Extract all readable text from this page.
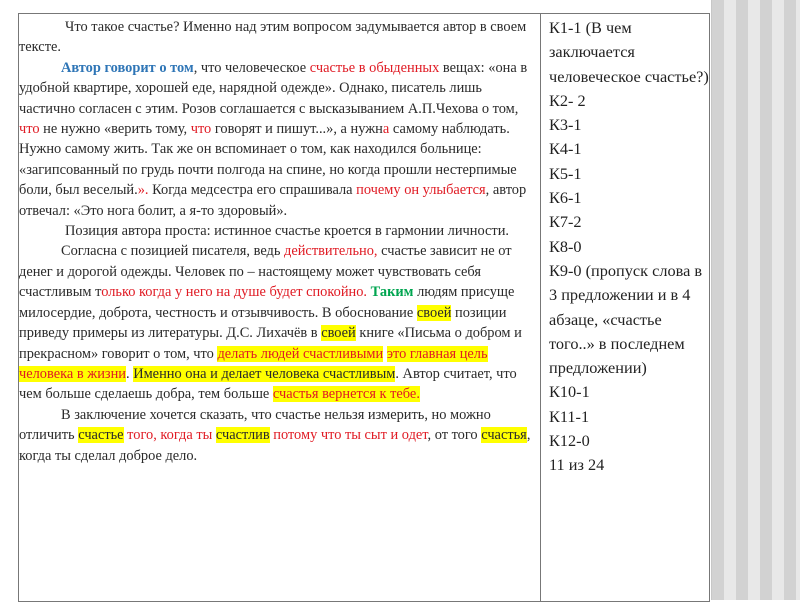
Что такое счастье? Именно над этим вопросом задумывается автор в своем тексте.

Автор говорит о том, что человеческое счастье в обыденных вещах: «она в удобной квартире, хорошей еде, нарядной одежде». Однако, писатель лишь частично согласен с этим. Розов соглашается с высказыванием А.П.Чехова о том, что не нужно «верить тому, что говорят и пишут...», а нужна самому наблюдать. Нужно самому жить. Так же он вспоминает о том, как находился больнице: «загипсованный по грудь почти полгода на спине, но когда прошли нестерпимые боли, был веселый.». Когда медсестра его спрашивала почему он улыбается, автор отвечал: «Это нога болит, а я-то здоровый».

Позиция автора проста: истинное счастье кроется в гармонии личности.

Согласна с позицией писателя, ведь действительно, счастье зависит не от денег и дорогой одежды. Человек по – настоящему может чувствовать себя счастливым только когда у него на душе будет спокойно. Таким людям присуще милосердие, доброта, честность и отзывчивость. В обоснование своей позиции приведу примеры из литературы. Д.С. Лихачёв в своей книге «Письма о добром и прекрасном» говорит о том, что делать людей счастливыми это главная цель человека в жизни. Именно она и делает человека счастливым. Автор считает, что чем больше сделаешь добра, тем больше счастья вернется к тебе.

В заключение хочется сказать, что счастье нельзя измерить, но можно отличить счастье того, когда ты счастлив потому что ты сыт и одет, от того счастья, когда ты сделал доброе дело.

К1-1 (В чем заключается человеческое счастье?)
К2- 2
К3-1
К4-1
К5-1
К6-1
К7-2
К8-0
К9-0 (пропуск слова в 3 предложении и в 4 абзаце, «счастье того..» в последнем предложении)
К10-1
К11-1
К12-0
11 из 24
